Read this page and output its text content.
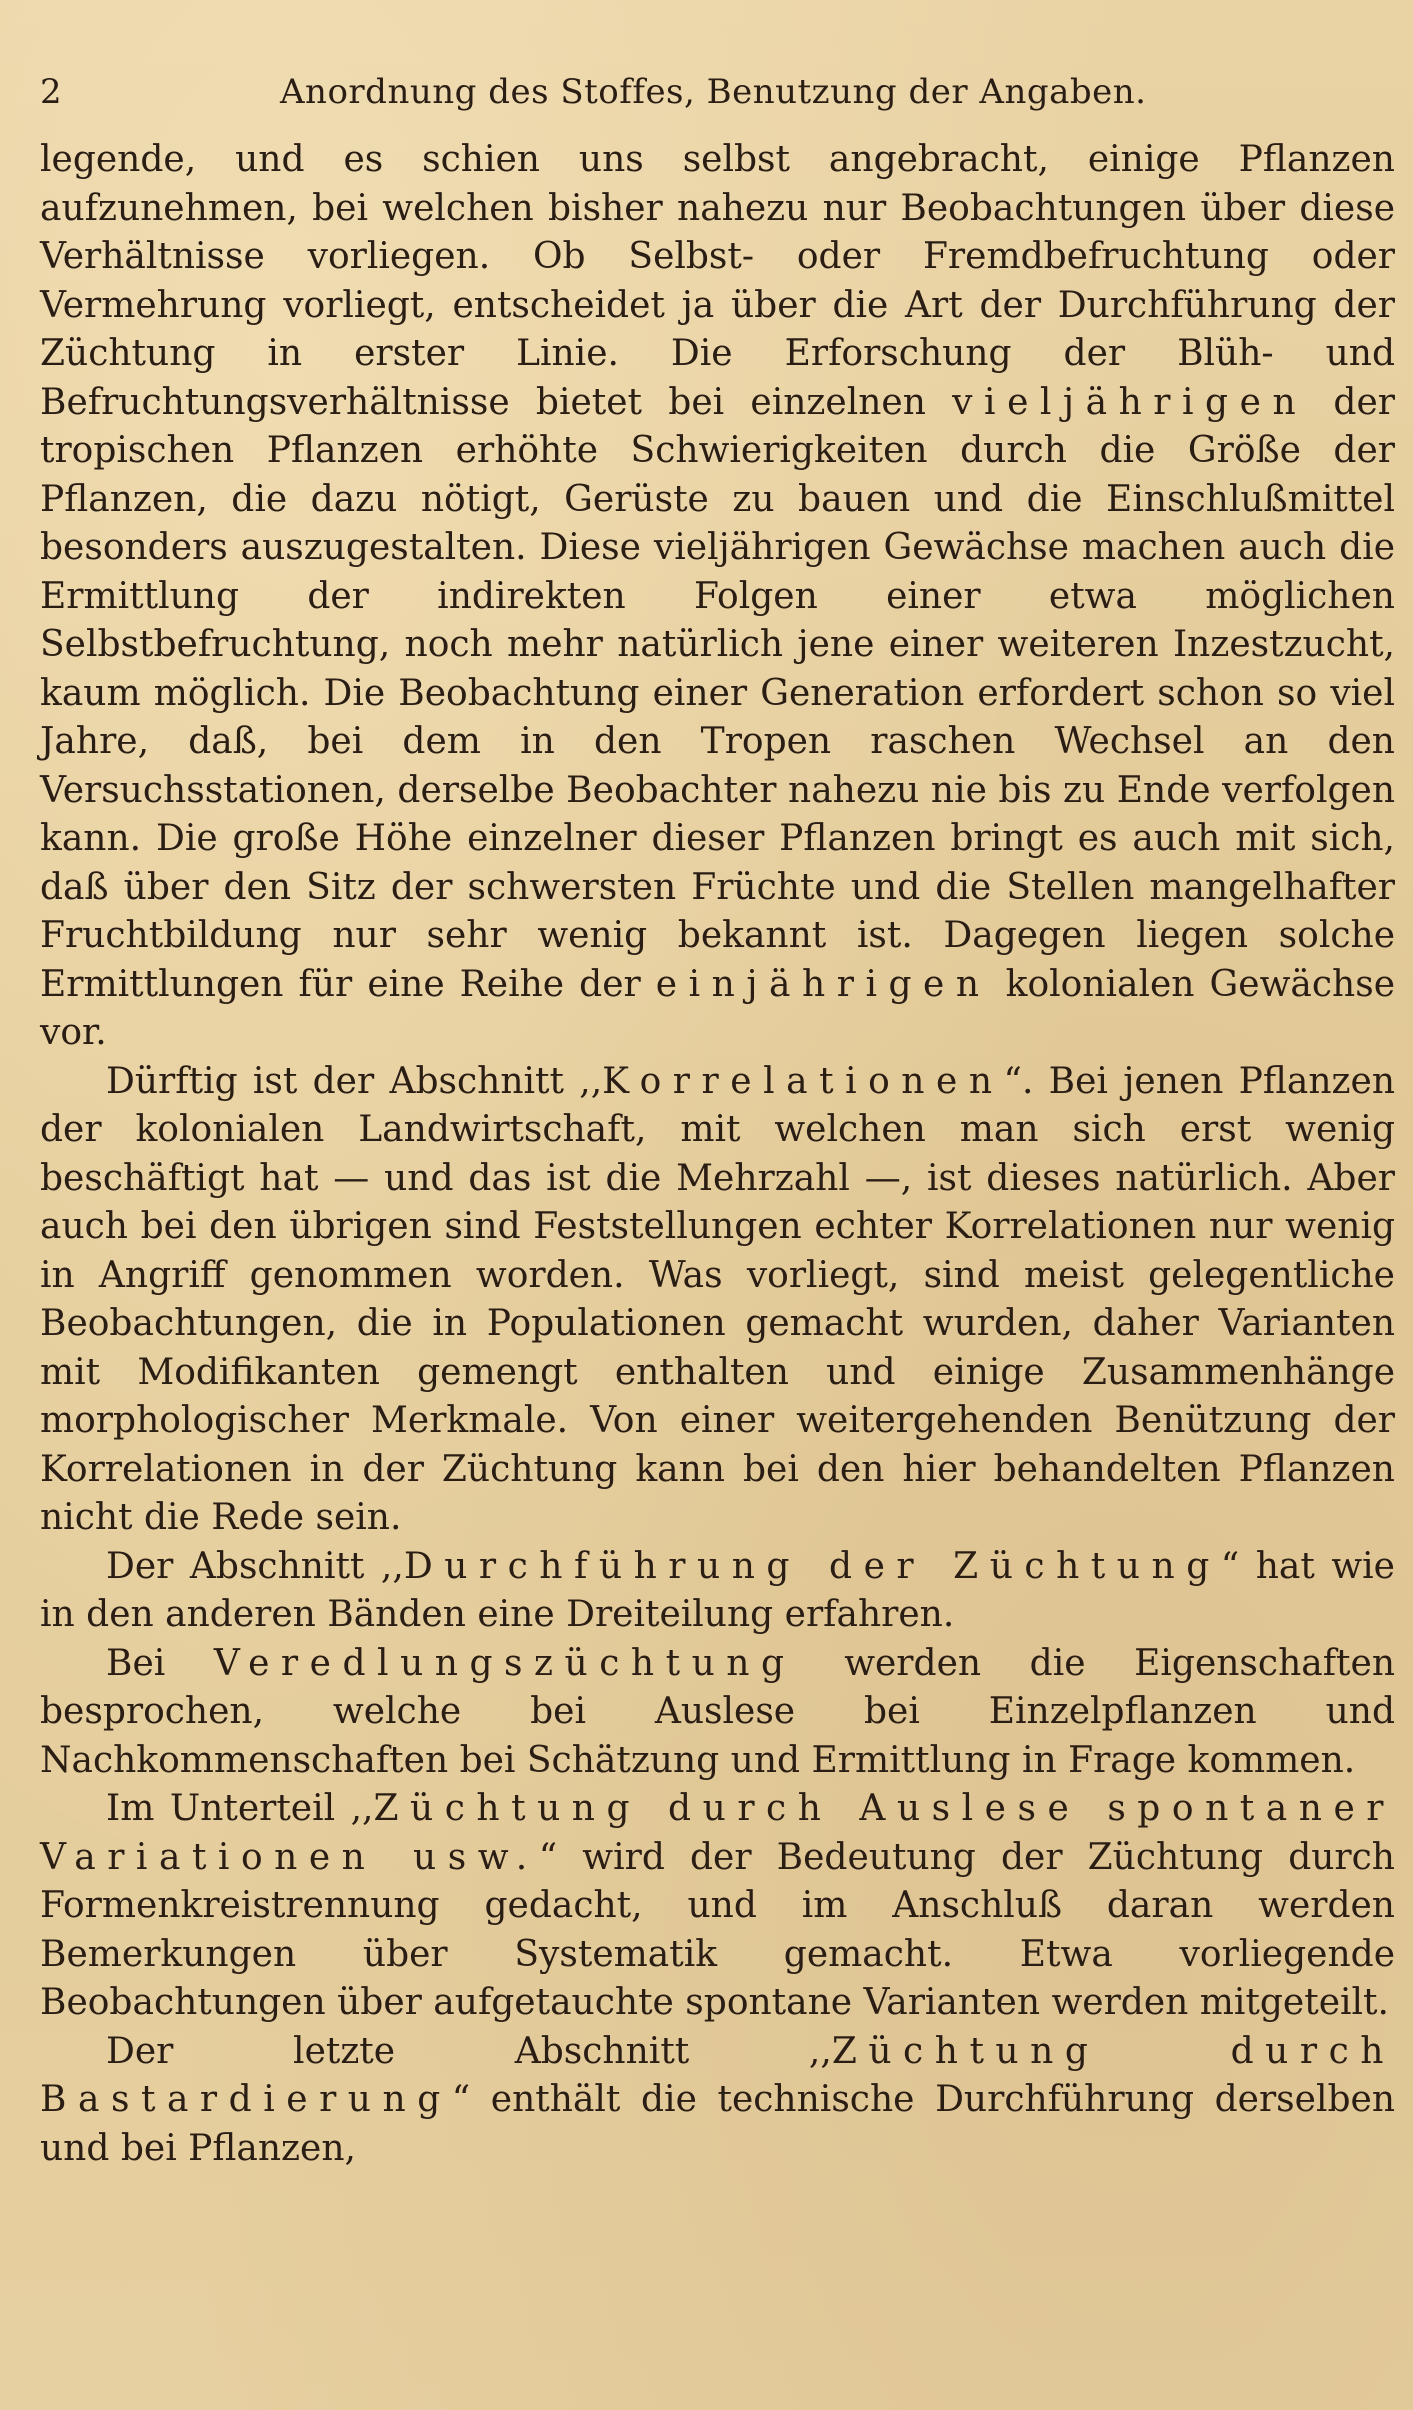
2	Anordnung des Stoffes, Benutzung der Angaben.

legende, und es schien uns selbst angebracht, einige Pflanzen aufzunehmen, bei welchen bisher nahezu nur Beobachtungen über diese Verhältnisse vorliegen. Ob Selbst- oder Fremdbefruchtung oder Vermehrung vorliegt, entscheidet ja über die Art der Durchführung der Züchtung in erster Linie. Die Erforschung der Blüh- und Befruchtungsverhältnisse bietet bei einzelnen vieljährigen der tropischen Pflanzen erhöhte Schwierigkeiten durch die Größe der Pflanzen, die dazu nötigt, Gerüste zu bauen und die Einschlußmittel besonders auszugestalten. Diese vieljährigen Gewächse machen auch die Ermittlung der indirekten Folgen einer etwa möglichen Selbstbefruchtung, noch mehr natürlich jene einer weiteren Inzestzucht, kaum möglich. Die Beobachtung einer Generation erfordert schon so viel Jahre, daß, bei dem in den Tropen raschen Wechsel an den Versuchsstationen, derselbe Beobachter nahezu nie bis zu Ende verfolgen kann. Die große Höhe einzelner dieser Pflanzen bringt es auch mit sich, daß über den Sitz der schwersten Früchte und die Stellen mangelhafter Fruchtbildung nur sehr wenig bekannt ist. Dagegen liegen solche Ermittlungen für eine Reihe der einjährigen kolonialen Gewächse vor.

Dürftig ist der Abschnitt ,,Korrelationen“. Bei jenen Pflanzen der kolonialen Landwirtschaft, mit welchen man sich erst wenig beschäftigt hat — und das ist die Mehrzahl —, ist dieses natürlich. Aber auch bei den übrigen sind Feststellungen echter Korrelationen nur wenig in Angriff genommen worden. Was vorliegt, sind meist gelegentliche Beobachtungen, die in Populationen gemacht wurden, daher Varianten mit Modifikanten gemengt enthalten und einige Zusammenhänge morphologischer Merkmale. Von einer weitergehenden Benützung der Korrelationen in der Züchtung kann bei den hier behandelten Pflanzen nicht die Rede sein.

Der Abschnitt ,,Durchführung der Züchtung“ hat wie in den anderen Bänden eine Dreiteilung erfahren.

Bei Veredlungszüchtung werden die Eigenschaften besprochen, welche bei Auslese bei Einzelpflanzen und Nachkommenschaften bei Schätzung und Ermittlung in Frage kommen.

Im Unterteil ,,Züchtung durch Auslese spontaner Variationen usw.“ wird der Bedeutung der Züchtung durch Formenkreistrennung gedacht, und im Anschluß daran werden Bemerkungen über Systematik gemacht. Etwa vorliegende Beobachtungen über aufgetauchte spontane Varianten werden mitgeteilt.

Der letzte Abschnitt ,,Züchtung durch Bastardierung“ enthält die technische Durchführung derselben und bei Pflanzen,
